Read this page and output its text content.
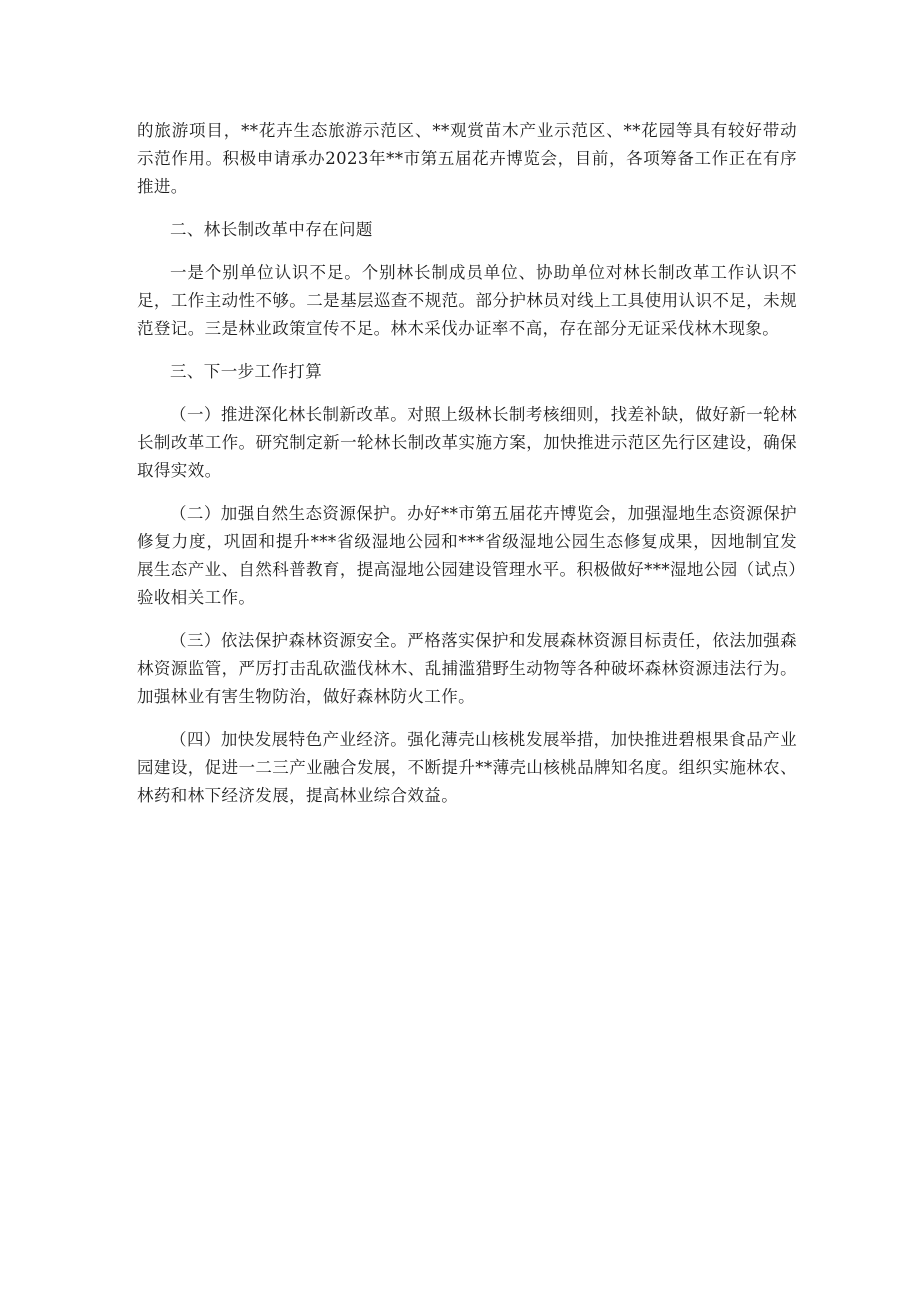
的旅游项目，**花卉生态旅游示范区、**观赏苗木产业示范区、**花园等具有较好带动示范作用。积极申请承办2023年**市第五届花卉博览会，目前，各项筹备工作正在有序推进。

二、林长制改革中存在问题

一是个别单位认识不足。个别林长制成员单位、协助单位对林长制改革工作认识不足，工作主动性不够。二是基层巡查不规范。部分护林员对线上工具使用认识不足，未规范登记。三是林业政策宣传不足。林木采伐办证率不高，存在部分无证采伐林木现象。

三、下一步工作打算

（一）推进深化林长制新改革。对照上级林长制考核细则，找差补缺，做好新一轮林长制改革工作。研究制定新一轮林长制改革实施方案，加快推进示范区先行区建设，确保取得实效。

（二）加强自然生态资源保护。办好**市第五届花卉博览会，加强湿地生态资源保护修复力度，巩固和提升***省级湿地公园和***省级湿地公园生态修复成果，因地制宜发展生态产业、自然科普教育，提高湿地公园建设管理水平。积极做好***湿地公园（试点）验收相关工作。

（三）依法保护森林资源安全。严格落实保护和发展森林资源目标责任，依法加强森林资源监管，严厉打击乱砍滥伐林木、乱捕滥猎野生动物等各种破坏森林资源违法行为。加强林业有害生物防治，做好森林防火工作。

（四）加快发展特色产业经济。强化薄壳山核桃发展举措，加快推进碧根果食品产业园建设，促进一二三产业融合发展，不断提升**薄壳山核桃品牌知名度。组织实施林农、林药和林下经济发展，提高林业综合效益。
